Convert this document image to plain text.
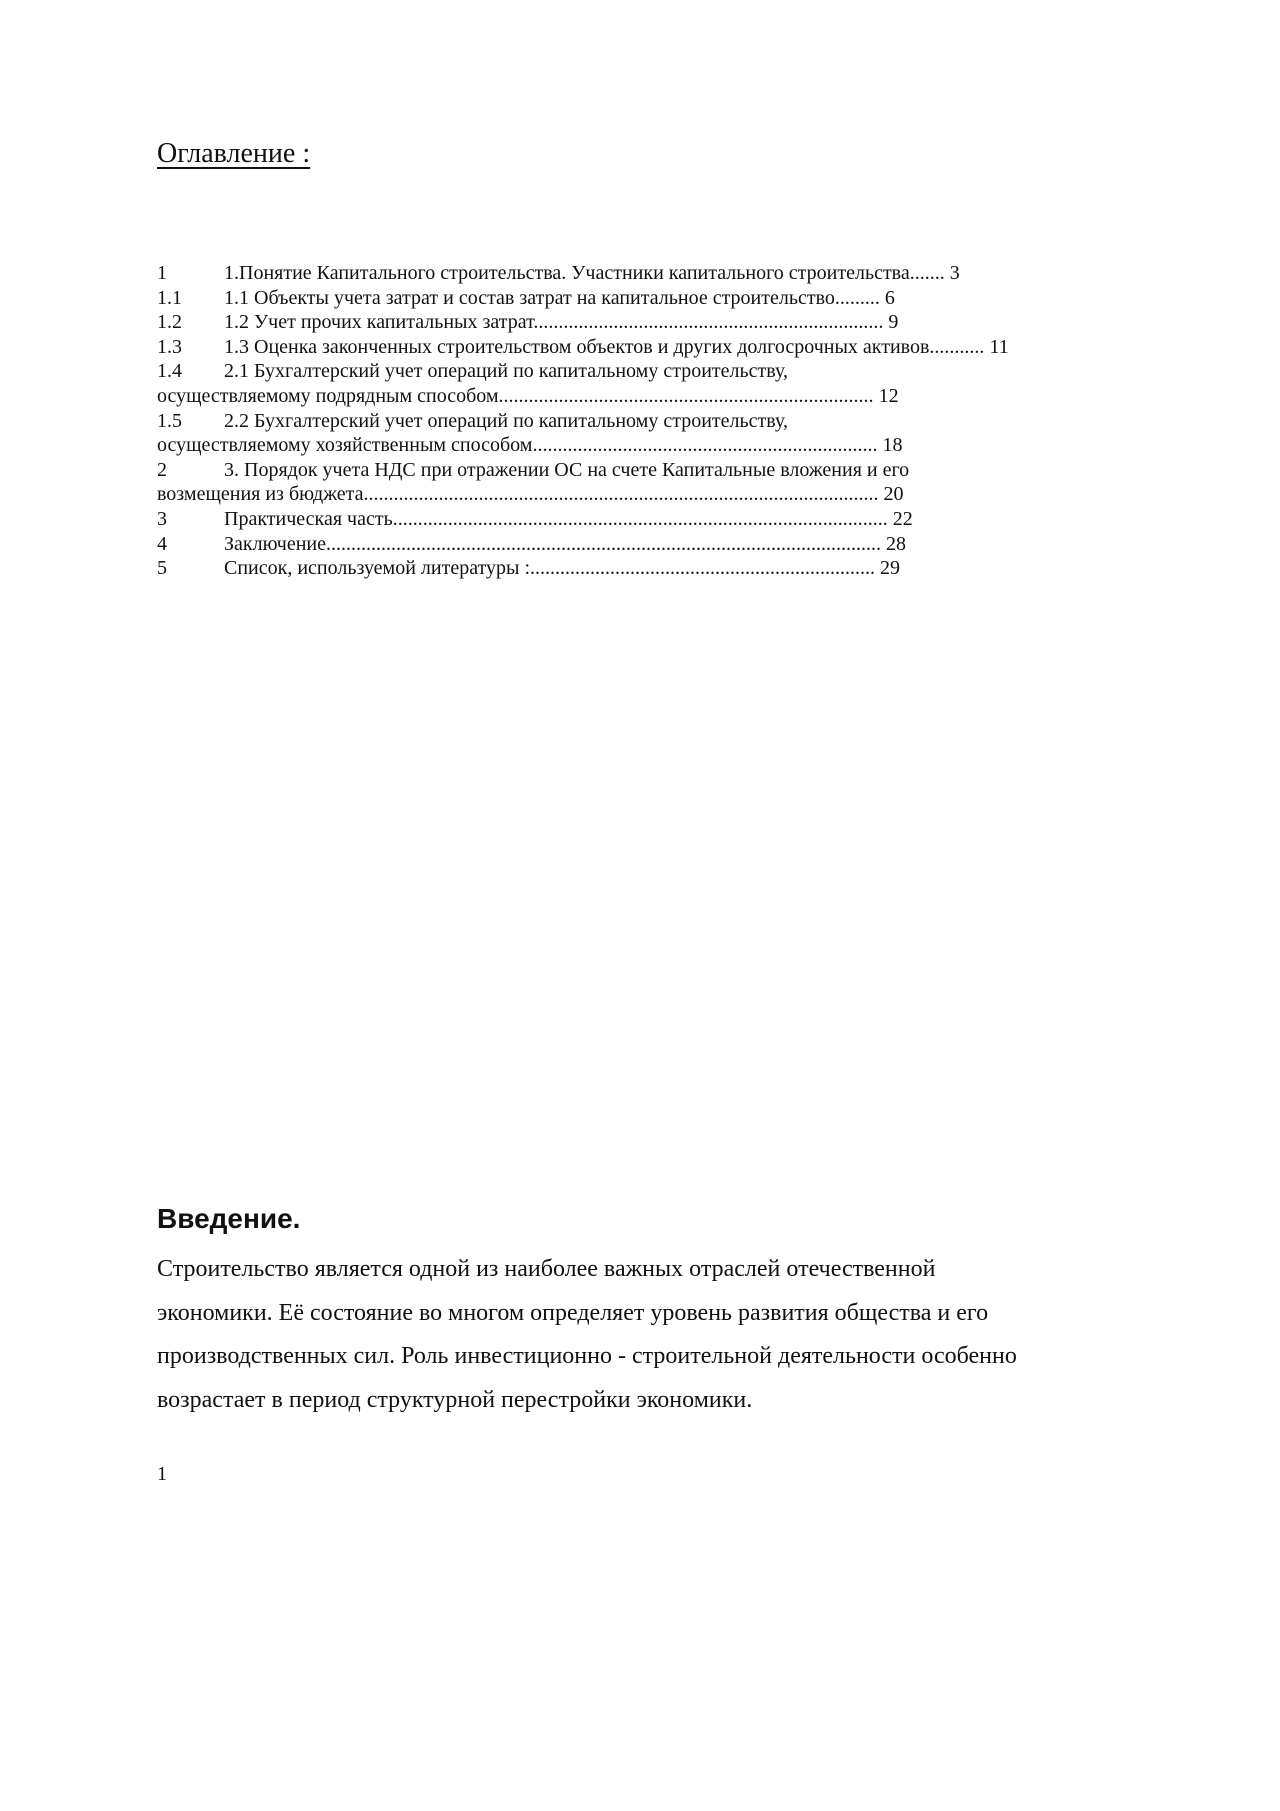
Оглавление :
1	1.Понятие Капитального строительства. Участники капитального строительства....... 3
1.1 1.1 Объекты учета затрат и состав затрат на капитальное строительство......... 6
1.2 1.2 Учет прочих капитальных затрат...................................................................... 9
1.3 1.3 Оценка законченных строительством объектов и других долгосрочных активов........... 11
1.4 2.1 Бухгалтерский учет операций по капитальному строительству,
осуществляемому подрядным способом........................................................................... 12
1.5 2.2 Бухгалтерский учет операций по капитальному строительству,
осуществляемому хозяйственным способом..................................................................... 18
2	3. Порядок учета НДС при отражении ОС на счете Капитальные вложения и его
возмещения из бюджета....................................................................................................... 20
3	Практическая часть................................................................................................... 22
4	Заключение............................................................................................................... 28
5	Список, используемой литературы :..................................................................... 29
Введение.

Строительство является одной из наиболее важных отраслей отечественной экономики. Её состояние во многом определяет уровень развития общества и его производственных сил. Роль инвестиционно - строительной деятельности особенно возрастает в период структурной перестройки экономики.

1
